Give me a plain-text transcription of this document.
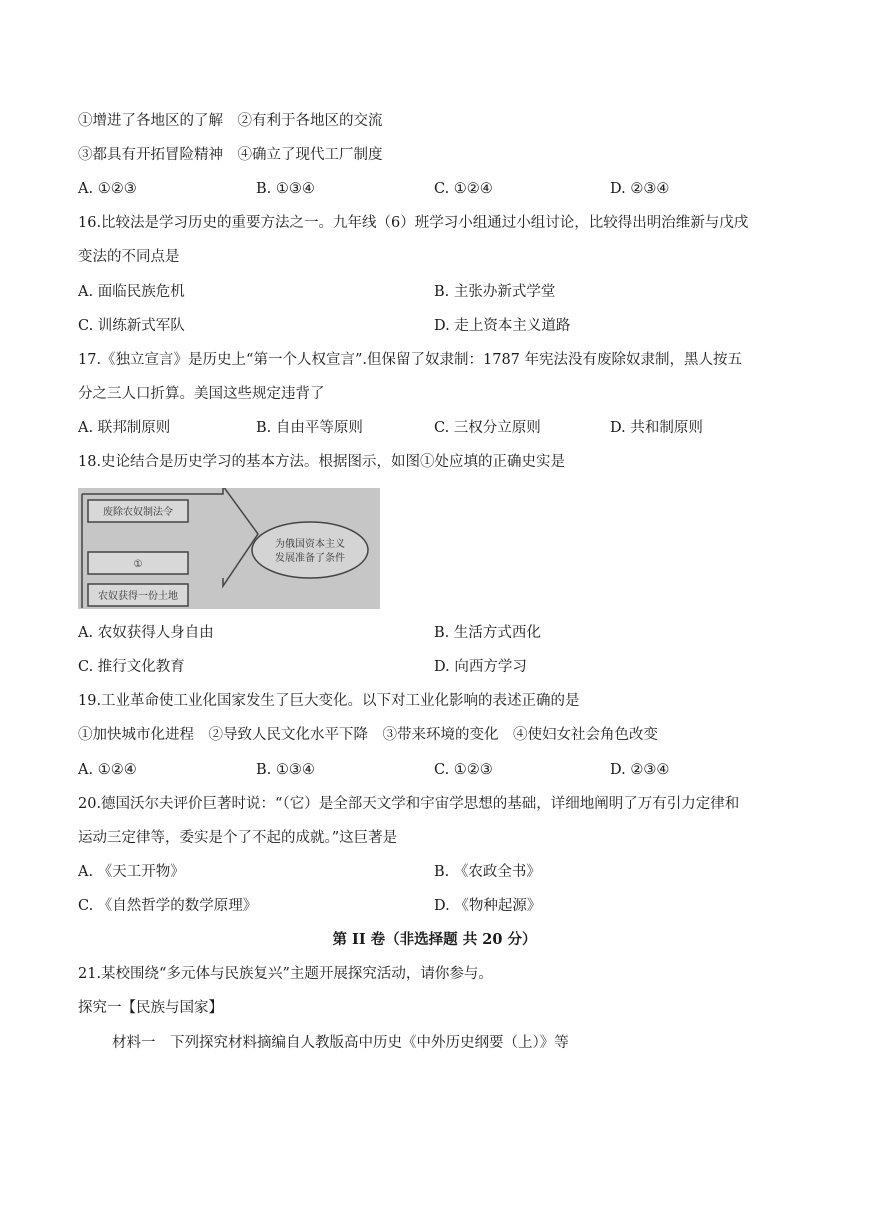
①增进了各地区的了解　②有利于各地区的交流
③都具有开拓冒险精神　④确立了现代工厂制度
A. ①②③	B. ①③④	C. ①②④	D. ②③④
16.比较法是学习历史的重要方法之一。九年线（6）班学习小组通过小组讨论，比较得出明治维新与戊戌
变法的不同点是
A. 面临民族危机	B. 主张办新式学堂
C. 训练新式军队	D. 走上资本主义道路
17.《独立宣言》是历史上“第一个人权宣言”.但保留了奴隶制：1787 年宪法没有废除奴隶制，黑人按五
分之三人口折算。美国这些规定违背了
A. 联邦制原则	B. 自由平等原则	C. 三权分立原则	D. 共和制原则
18.史论结合是历史学习的基本方法。根据图示，如图①处应填的正确史实是
废除农奴制法令
①
农奴获得一份土地
为俄国资本主义
发展准备了条件
A. 农奴获得人身自由	B. 生活方式西化
C. 推行文化教育	D. 向西方学习
19.工业革命使工业化国家发生了巨大变化。以下对工业化影响的表述正确的是
①加快城市化进程　②导致人民文化水平下降　③带来环境的变化　④使妇女社会角色改变
A. ①②④	B. ①③④	C. ①②③	D. ②③④
20.德国沃尔夫评价巨著时说：“（它）是全部天文学和宇宙学思想的基础，详细地阐明了万有引力定律和
运动三定律等，委实是个了不起的成就。”这巨著是
A. 《天工开物》	B. 《农政全书》
C. 《自然哲学的数学原理》	D. 《物种起源》
第 II 卷（非选择题 共 20 分）
21.某校围绕“多元体与民族复兴”主题开展探究活动，请你参与。
探究一【民族与国家】
材料一　下列探究材料摘编自人教版高中历史《中外历史纲要（上）》等
